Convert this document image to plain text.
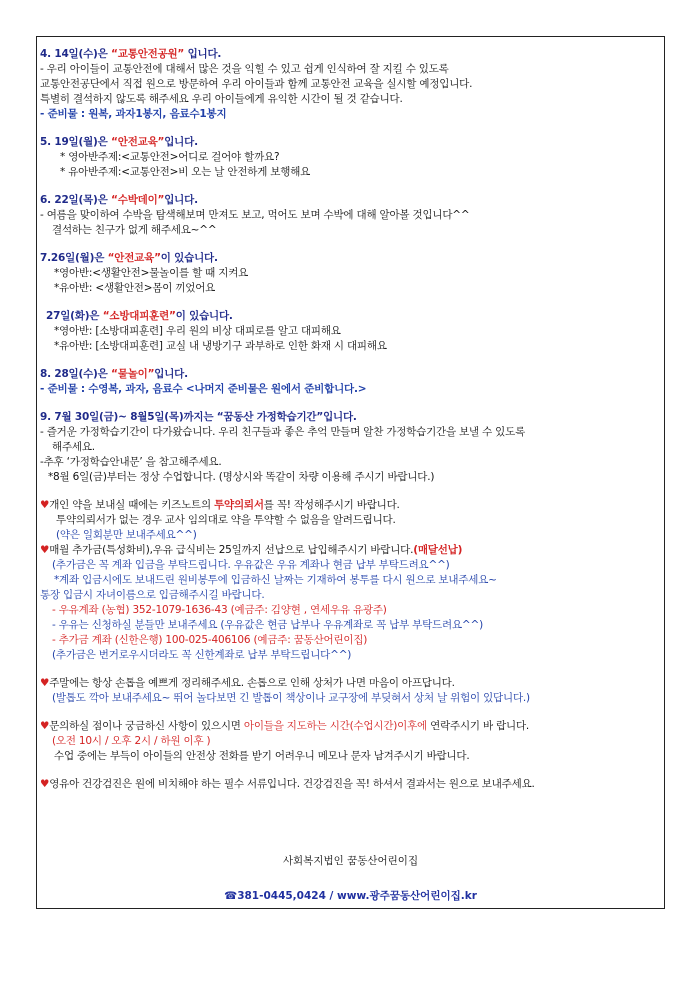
4. 14일(수)은 “교통안전공원” 입니다.
- 우리 아이들이 교통안전에 대해서 많은 것을 익힐 수 있고 쉽게 인식하여 잘 지킬 수 있도록
교통안전공단에서 직접 원으로 방문하여 우리 아이들과 함께 교통안전 교육을 실시할 예정입니다.
특별히 결석하지 않도록 해주세요 우리 아이들에게 유익한 시간이 될 것 같습니다.
- 준비물 : 원복, 과자1봉지, 음료수1봉지
5. 19일(월)은 “안전교육”입니다.
* 영아반주제:<교통안전>어디로 걸어야 할까요?
* 유아반주제:<교통안전>비 오는 날 안전하게 보행해요
6. 22일(목)은 “수박데이”입니다.
- 여름을 맞이하여 수박을 탐색해보며 만져도 보고, 먹어도 보며 수박에 대해 알아볼 것입니다^^
결석하는 친구가 없게 해주세요~^^
7.26일(월)은 “안전교육”이 있습니다.
*영아반:<생활안전>물놀이를 할 때 지켜요
*유아반: <생활안전>몸이 끼었어요
27일(화)은 “소방대피훈련”이 있습니다.
*영아반: [소방대피훈련] 우리 원의 비상 대피로를 알고 대피해요
*유아반: [소방대피훈련] 교실 내 냉방기구 과부하로 인한 화재 시 대피해요
8. 28일(수)은 “물놀이”입니다.
- 준비물 : 수영복, 과자, 음료수 <나머지 준비물은 원에서 준비합니다.>
9. 7월 30일(금)~ 8월5일(목)까지는 “꿈동산 가정학습기간”입니다.
- 즐거운 가정학습기간이 다가왔습니다. 우리 친구들과 좋은 추억 만들며 알찬 가정학습기간을 보낼 수 있도록
해주세요.
-추후 ‘가정학습안내문’ 을 참고해주세요.
*8월 6일(금)부터는 정상 수업합니다. (명상시와 똑같이 차량 이용해 주시기 바랍니다.)
♥개인 약을 보내실 때에는 키즈노트의 투약의뢰서를 꼭! 작성해주시기 바랍니다.
투약의뢰서가 없는 경우 교사 임의대로 약을 투약할 수 없음을 알려드립니다.
(약은 일회분만 보내주세요^^)
♥매월 추가금(특성화비),우유 급식비는 25일까지 선납으로 납입해주시기 바랍니다.(매달선납)
(추가금은 꼭 계좌 입금을 부탁드립니다. 우유값은 우유 계좌나 현금 납부 부탁드려요^^)
*계좌 입금시에도 보내드린 원비봉투에 입금하신 날짜는 기재하여 봉투를 다시 원으로 보내주세요~
통장 입금시 자녀이름으로 입금해주시길 바랍니다.
- 우유계좌 (농협) 352-1079-1636-43 (예금주: 김양현 , 연세우유 유광주)
- 우유는 신청하실 분들만 보내주세요 (우유값은 현금 납부나 우유계좌로 꼭 납부 부탁드려요^^)
- 추가금 계좌 (신한은행) 100-025-406106 (예금주: 꿈동산어린이집)
(추가금은 번거로우시더라도 꼭 신한계좌로 납부 부탁드립니다^^)
♥주말에는 항상 손톱을 예쁘게 정리해주세요. 손톱으로 인해 상처가 나면 마음이 아프답니다.
(발톱도 깍아 보내주세요~ 뛰어 놀다보면 긴 발톱이 책상이나 교구장에 부딪혀서 상처 날 위험이 있답니다.)
♥문의하실 점이나 궁금하신 사항이 있으시면 아이들을 지도하는 시간(수업시간)이후에 연락주시기 바 랍니다.
(오전 10시 / 오후 2시 / 하원 이후 )
수업 중에는 부득이 아이들의 안전상 전화를 받기 어려우니 메모나 문자 남겨주시기 바랍니다.
♥영유아 건강검진은 원에 비치해야 하는 필수 서류입니다. 건강검진을 꼭! 하셔서 결과서는 원으로 보내주세요.
사회복지법인 꿈동산어린이집
☎381-0445,0424 / www.광주꿈동산어린이집.kr
